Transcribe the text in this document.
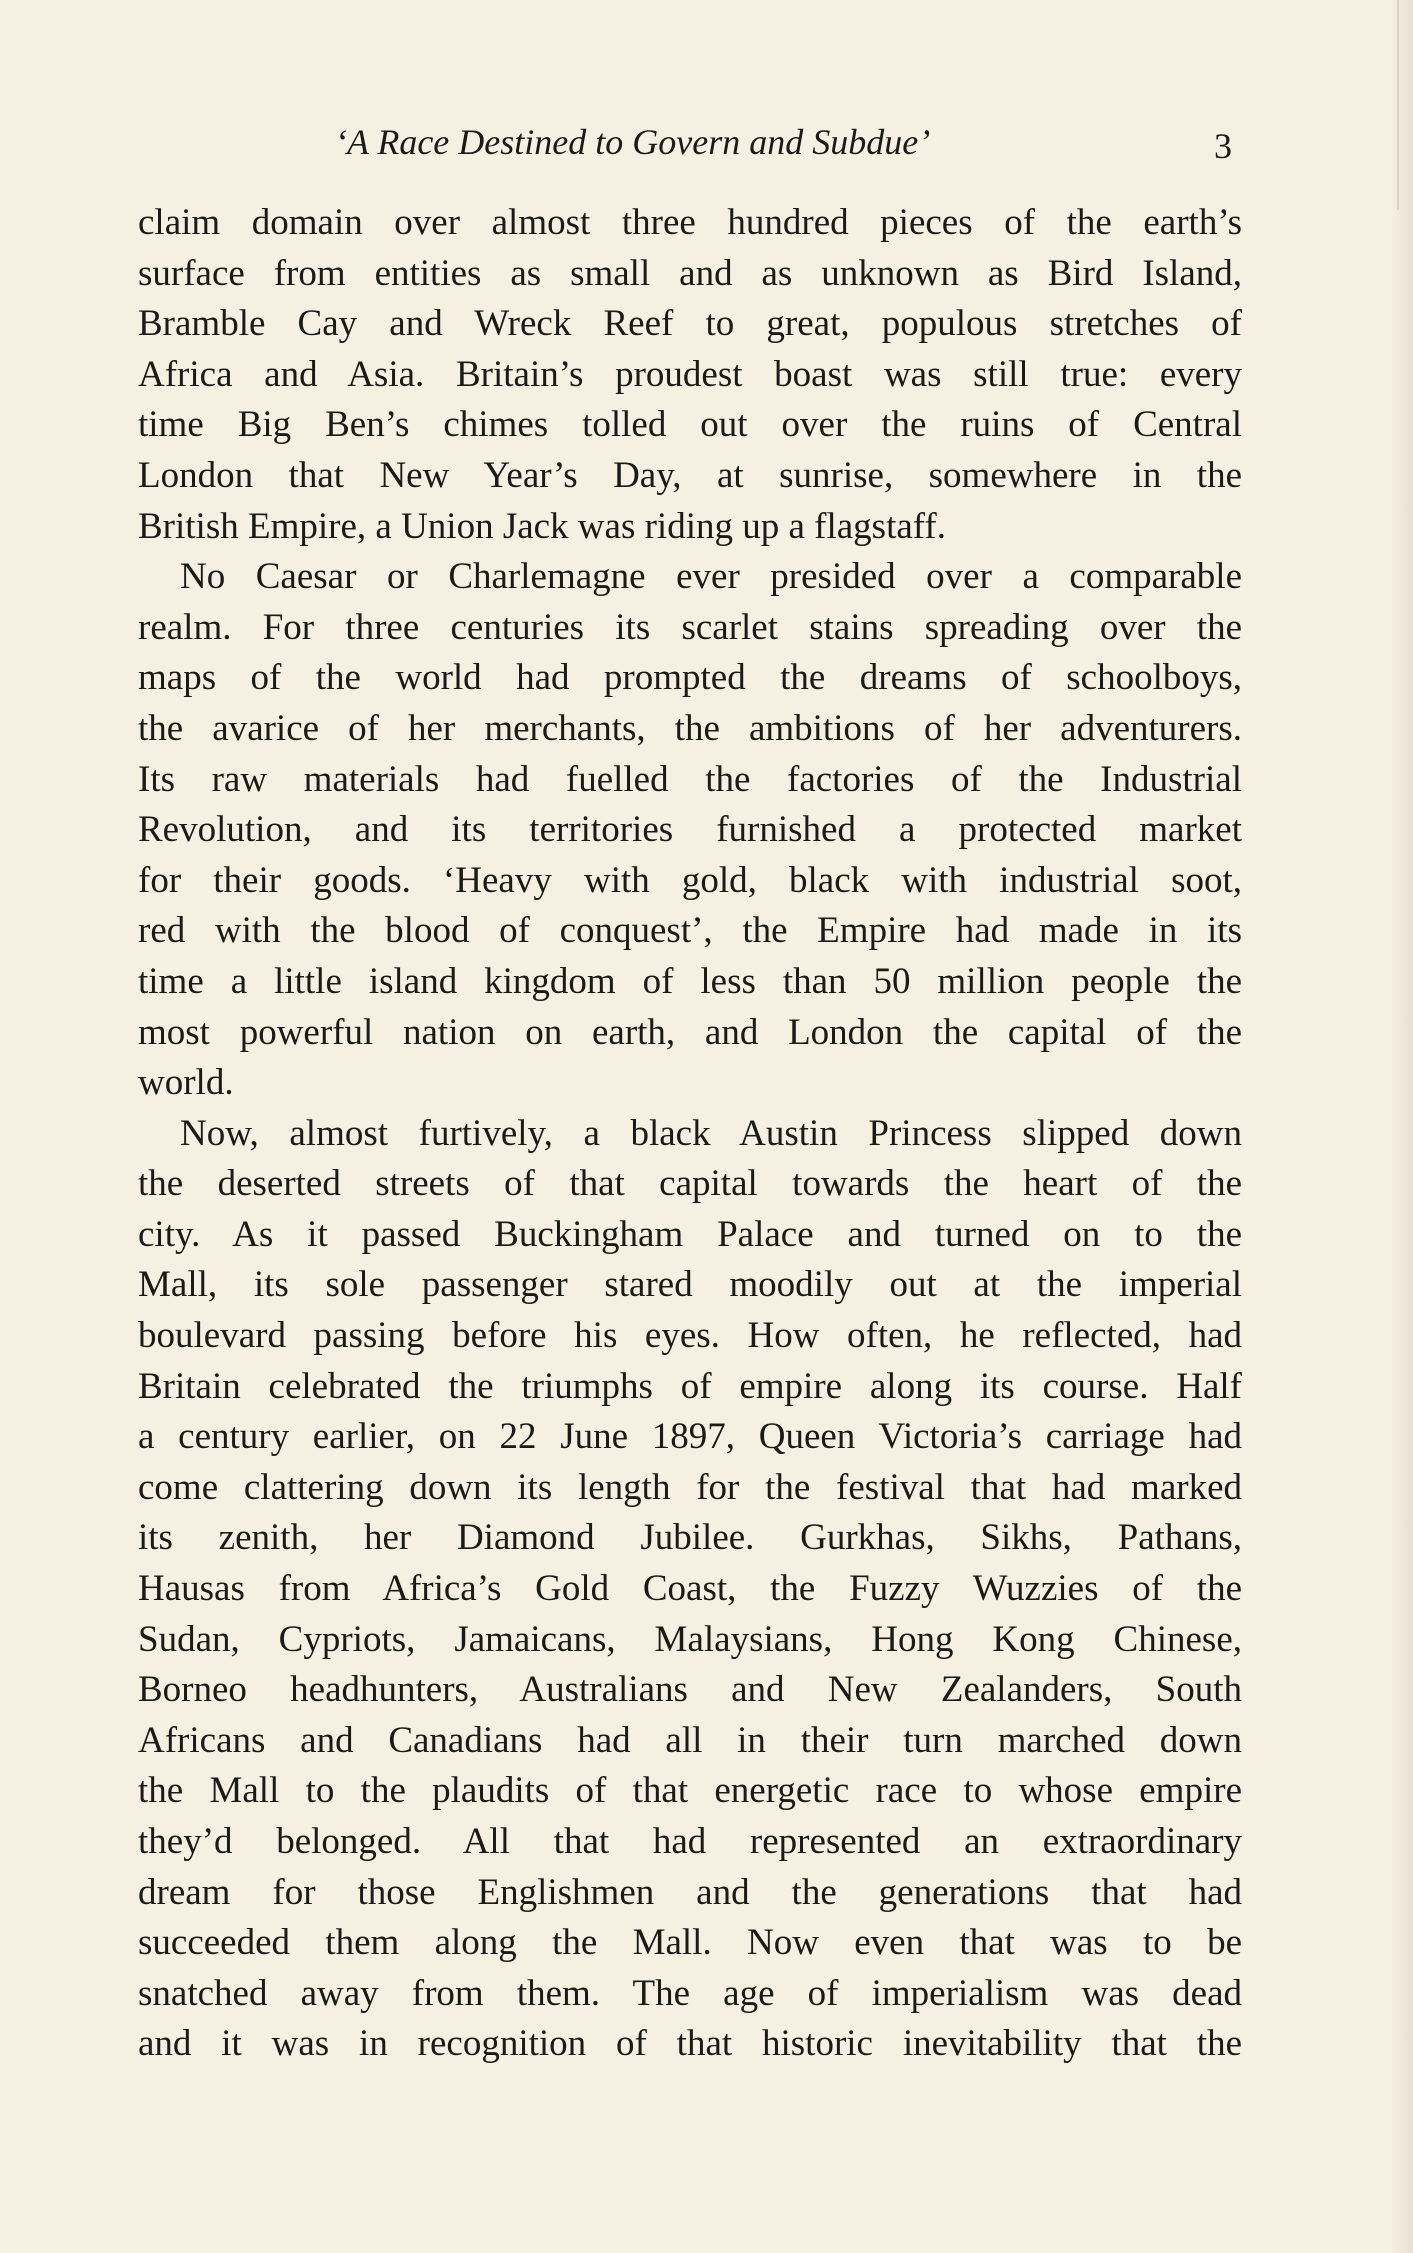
‘A Race Destined to Govern and Subdue’	3
claim domain over almost three hundred pieces of the earth’s
surface from entities as small and as unknown as Bird Island,
Bramble Cay and Wreck Reef to great, populous stretches of
Africa and Asia. Britain’s proudest boast was still true: every
time Big Ben’s chimes tolled out over the ruins of Central
London that New Year’s Day, at sunrise, somewhere in the
British Empire, a Union Jack was riding up a flagstaff.
No Caesar or Charlemagne ever presided over a comparable
realm. For three centuries its scarlet stains spreading over the
maps of the world had prompted the dreams of schoolboys,
the avarice of her merchants, the ambitions of her adventurers.
Its raw materials had fuelled the factories of the Industrial
Revolution, and its territories furnished a protected market
for their goods. ‘Heavy with gold, black with industrial soot,
red with the blood of conquest’, the Empire had made in its
time a little island kingdom of less than 50 million people the
most powerful nation on earth, and London the capital of the
world.
Now, almost furtively, a black Austin Princess slipped down
the deserted streets of that capital towards the heart of the
city. As it passed Buckingham Palace and turned on to the
Mall, its sole passenger stared moodily out at the imperial
boulevard passing before his eyes. How often, he reflected, had
Britain celebrated the triumphs of empire along its course. Half
a century earlier, on 22 June 1897, Queen Victoria’s carriage had
come clattering down its length for the festival that had marked
its zenith, her Diamond Jubilee. Gurkhas, Sikhs, Pathans,
Hausas from Africa’s Gold Coast, the Fuzzy Wuzzies of the
Sudan, Cypriots, Jamaicans, Malaysians, Hong Kong Chinese,
Borneo headhunters, Australians and New Zealanders, South
Africans and Canadians had all in their turn marched down
the Mall to the plaudits of that energetic race to whose empire
they’d belonged. All that had represented an extraordinary
dream for those Englishmen and the generations that had
succeeded them along the Mall. Now even that was to be
snatched away from them. The age of imperialism was dead
and it was in recognition of that historic inevitability that the
